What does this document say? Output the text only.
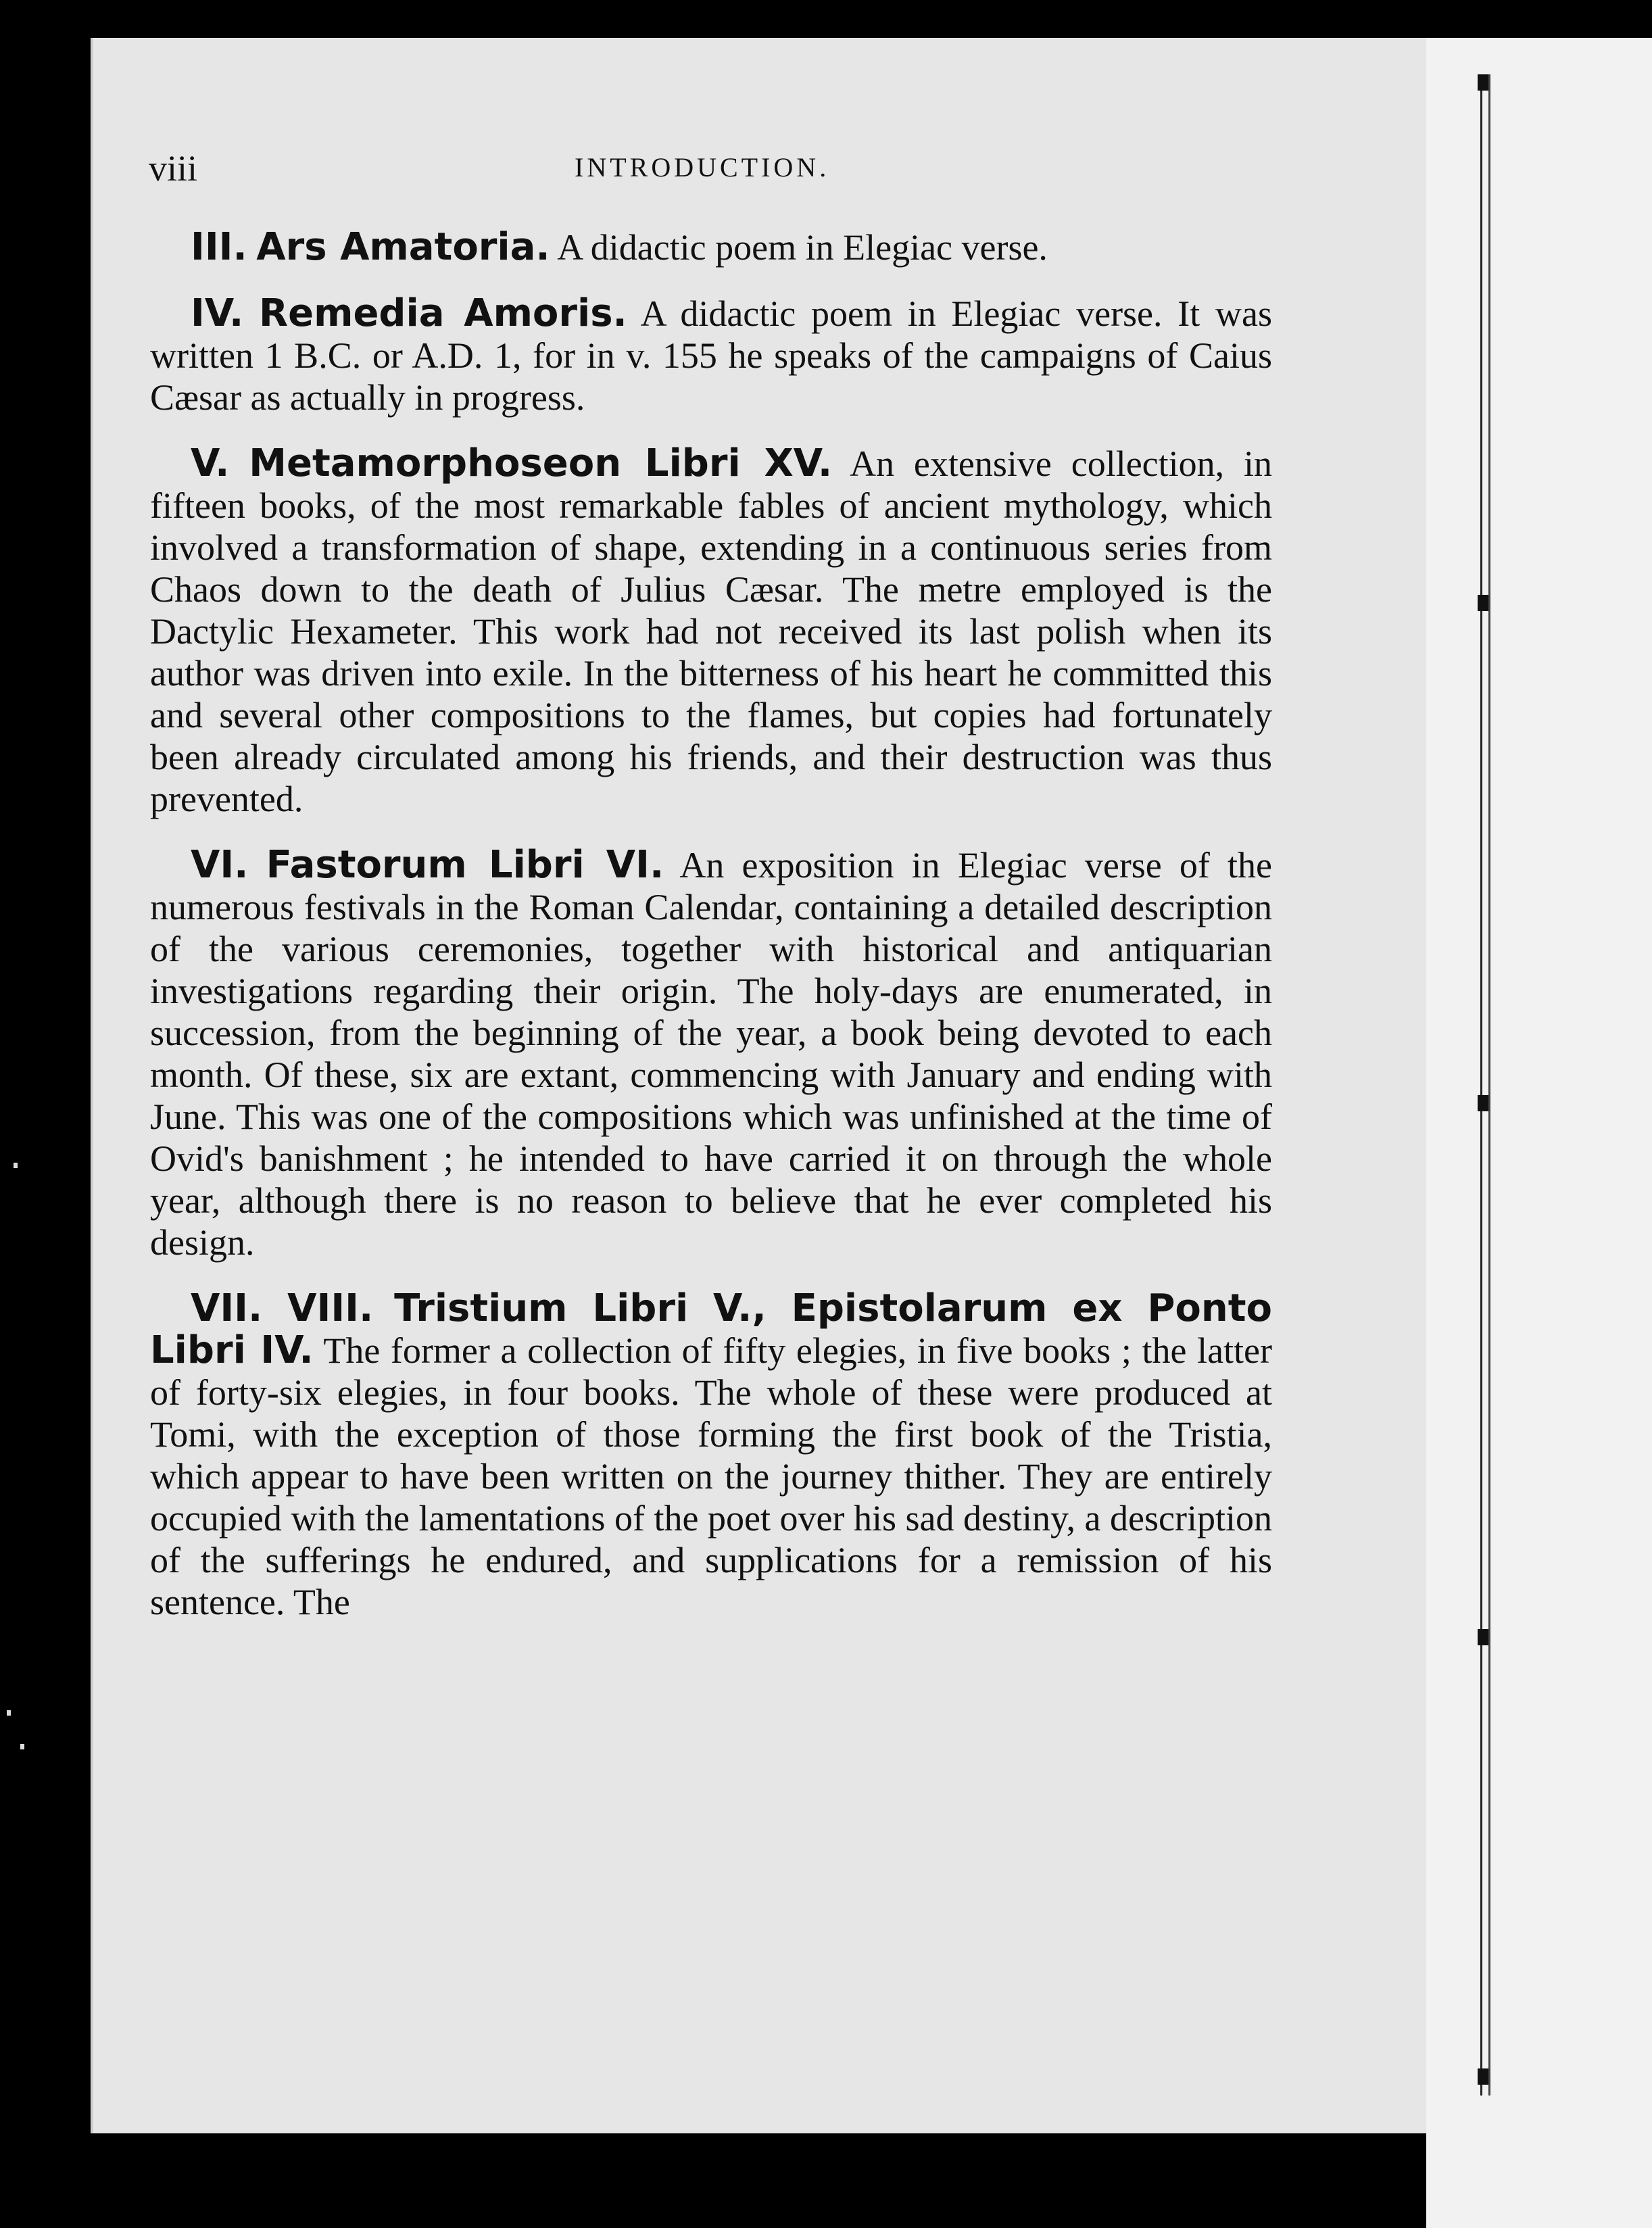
viii	INTRODUCTION.

III. Ars Amatoria. A didactic poem in Elegiac verse.

IV. Remedia Amoris. A didactic poem in Elegiac verse. It was written 1 B.C. or A.D. 1, for in v. 155 he speaks of the campaigns of Caius Cæsar as actually in progress.

V. Metamorphoseon Libri XV. An extensive collection, in fifteen books, of the most remarkable fables of ancient mythology, which involved a transformation of shape, extending in a continuous series from Chaos down to the death of Julius Cæsar. The metre employed is the Dactylic Hexameter. This work had not received its last polish when its author was driven into exile. In the bitterness of his heart he committed this and several other compositions to the flames, but copies had fortunately been already circulated among his friends, and their destruction was thus prevented.

VI. Fastorum Libri VI. An exposition in Elegiac verse of the numerous festivals in the Roman Calendar, containing a detailed description of the various ceremonies, together with historical and antiquarian investigations regarding their origin. The holy-days are enumerated, in succession, from the beginning of the year, a book being devoted to each month. Of these, six are extant, commencing with January and ending with June. This was one of the compositions which was unfinished at the time of Ovid's banishment ; he intended to have carried it on through the whole year, although there is no reason to believe that he ever completed his design.

VII. VIII. Tristium Libri V., Epistolarum ex Ponto Libri IV. The former a collection of fifty elegies, in five books ; the latter of forty-six elegies, in four books. The whole of these were produced at Tomi, with the exception of those forming the first book of the Tristia, which appear to have been written on the journey thither. They are entirely occupied with the lamentations of the poet over his sad destiny, a description of the sufferings he endured, and supplications for a remission of his sentence. The
